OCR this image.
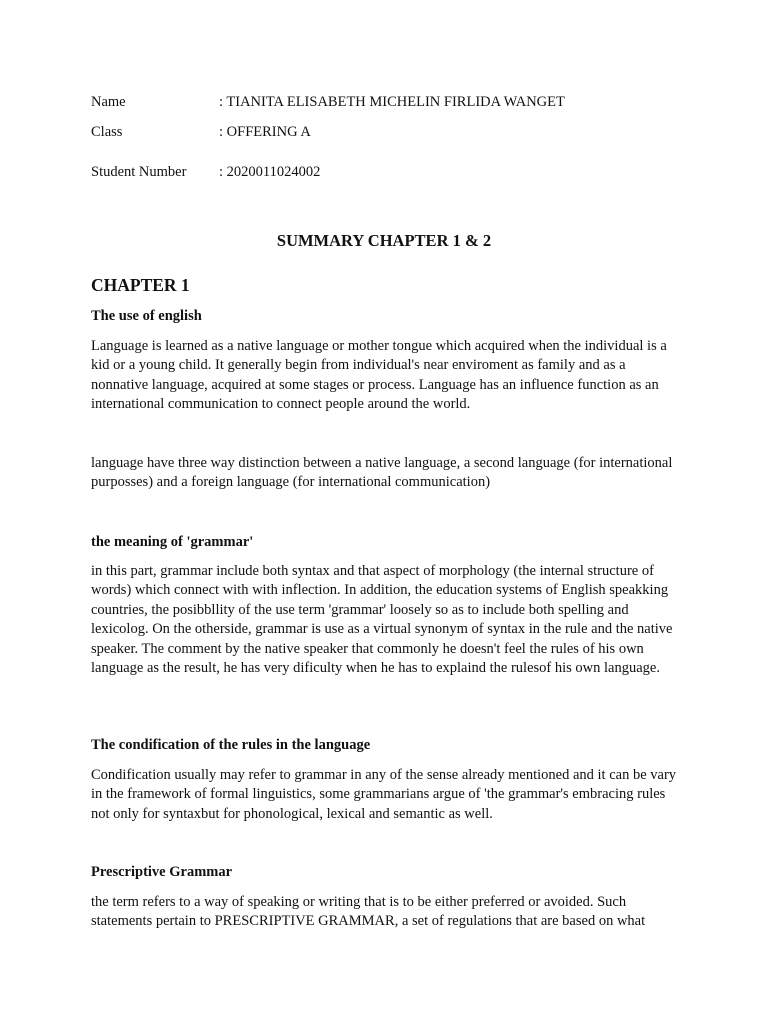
Name	: TIANITA ELISABETH MICHELIN FIRLIDA WANGET
Class	: OFFERING A
Student Number : 2020011024002
SUMMARY CHAPTER 1 & 2
CHAPTER 1
The use of english

Language is learned as a native language or mother tongue which acquired when the individual is a kid or a young child. It generally begin from individual's near enviroment as family and as a nonnative language, acquired at some stages or process. Language has an influence function as an international communication to connect people around the world.

language have three way distinction between a native language, a second language (for international purposses) and a foreign language (for international communication)

the meaning of 'grammar'

in this part, grammar include both syntax and that aspect of morphology (the internal structure of words) which connect with with inflection. In addition, the education systems of English speakking countries, the posibbllity of the use term 'grammar' loosely so as to include both spelling and lexicolog. On the otherside, grammar is use as a virtual synonym of syntax in the rule and the native speaker. The comment by the native speaker that commonly he doesn't feel the rules of his own language as the result, he has very dificulty when he has to explaind the rulesof his own language.

The condification of the rules in the language

Condification usually may refer to grammar in any of the sense already mentioned and it can be vary in the framework of formal linguistics, some grammarians argue of 'the grammar's embracing rules not only for syntaxbut for phonological, lexical and semantic as well.

Prescriptive Grammar

the term refers to a way of speaking or writing that is to be either preferred or avoided. Such statements pertain to PRESCRIPTIVE GRAMMAR, a set of regulations that are based on what
